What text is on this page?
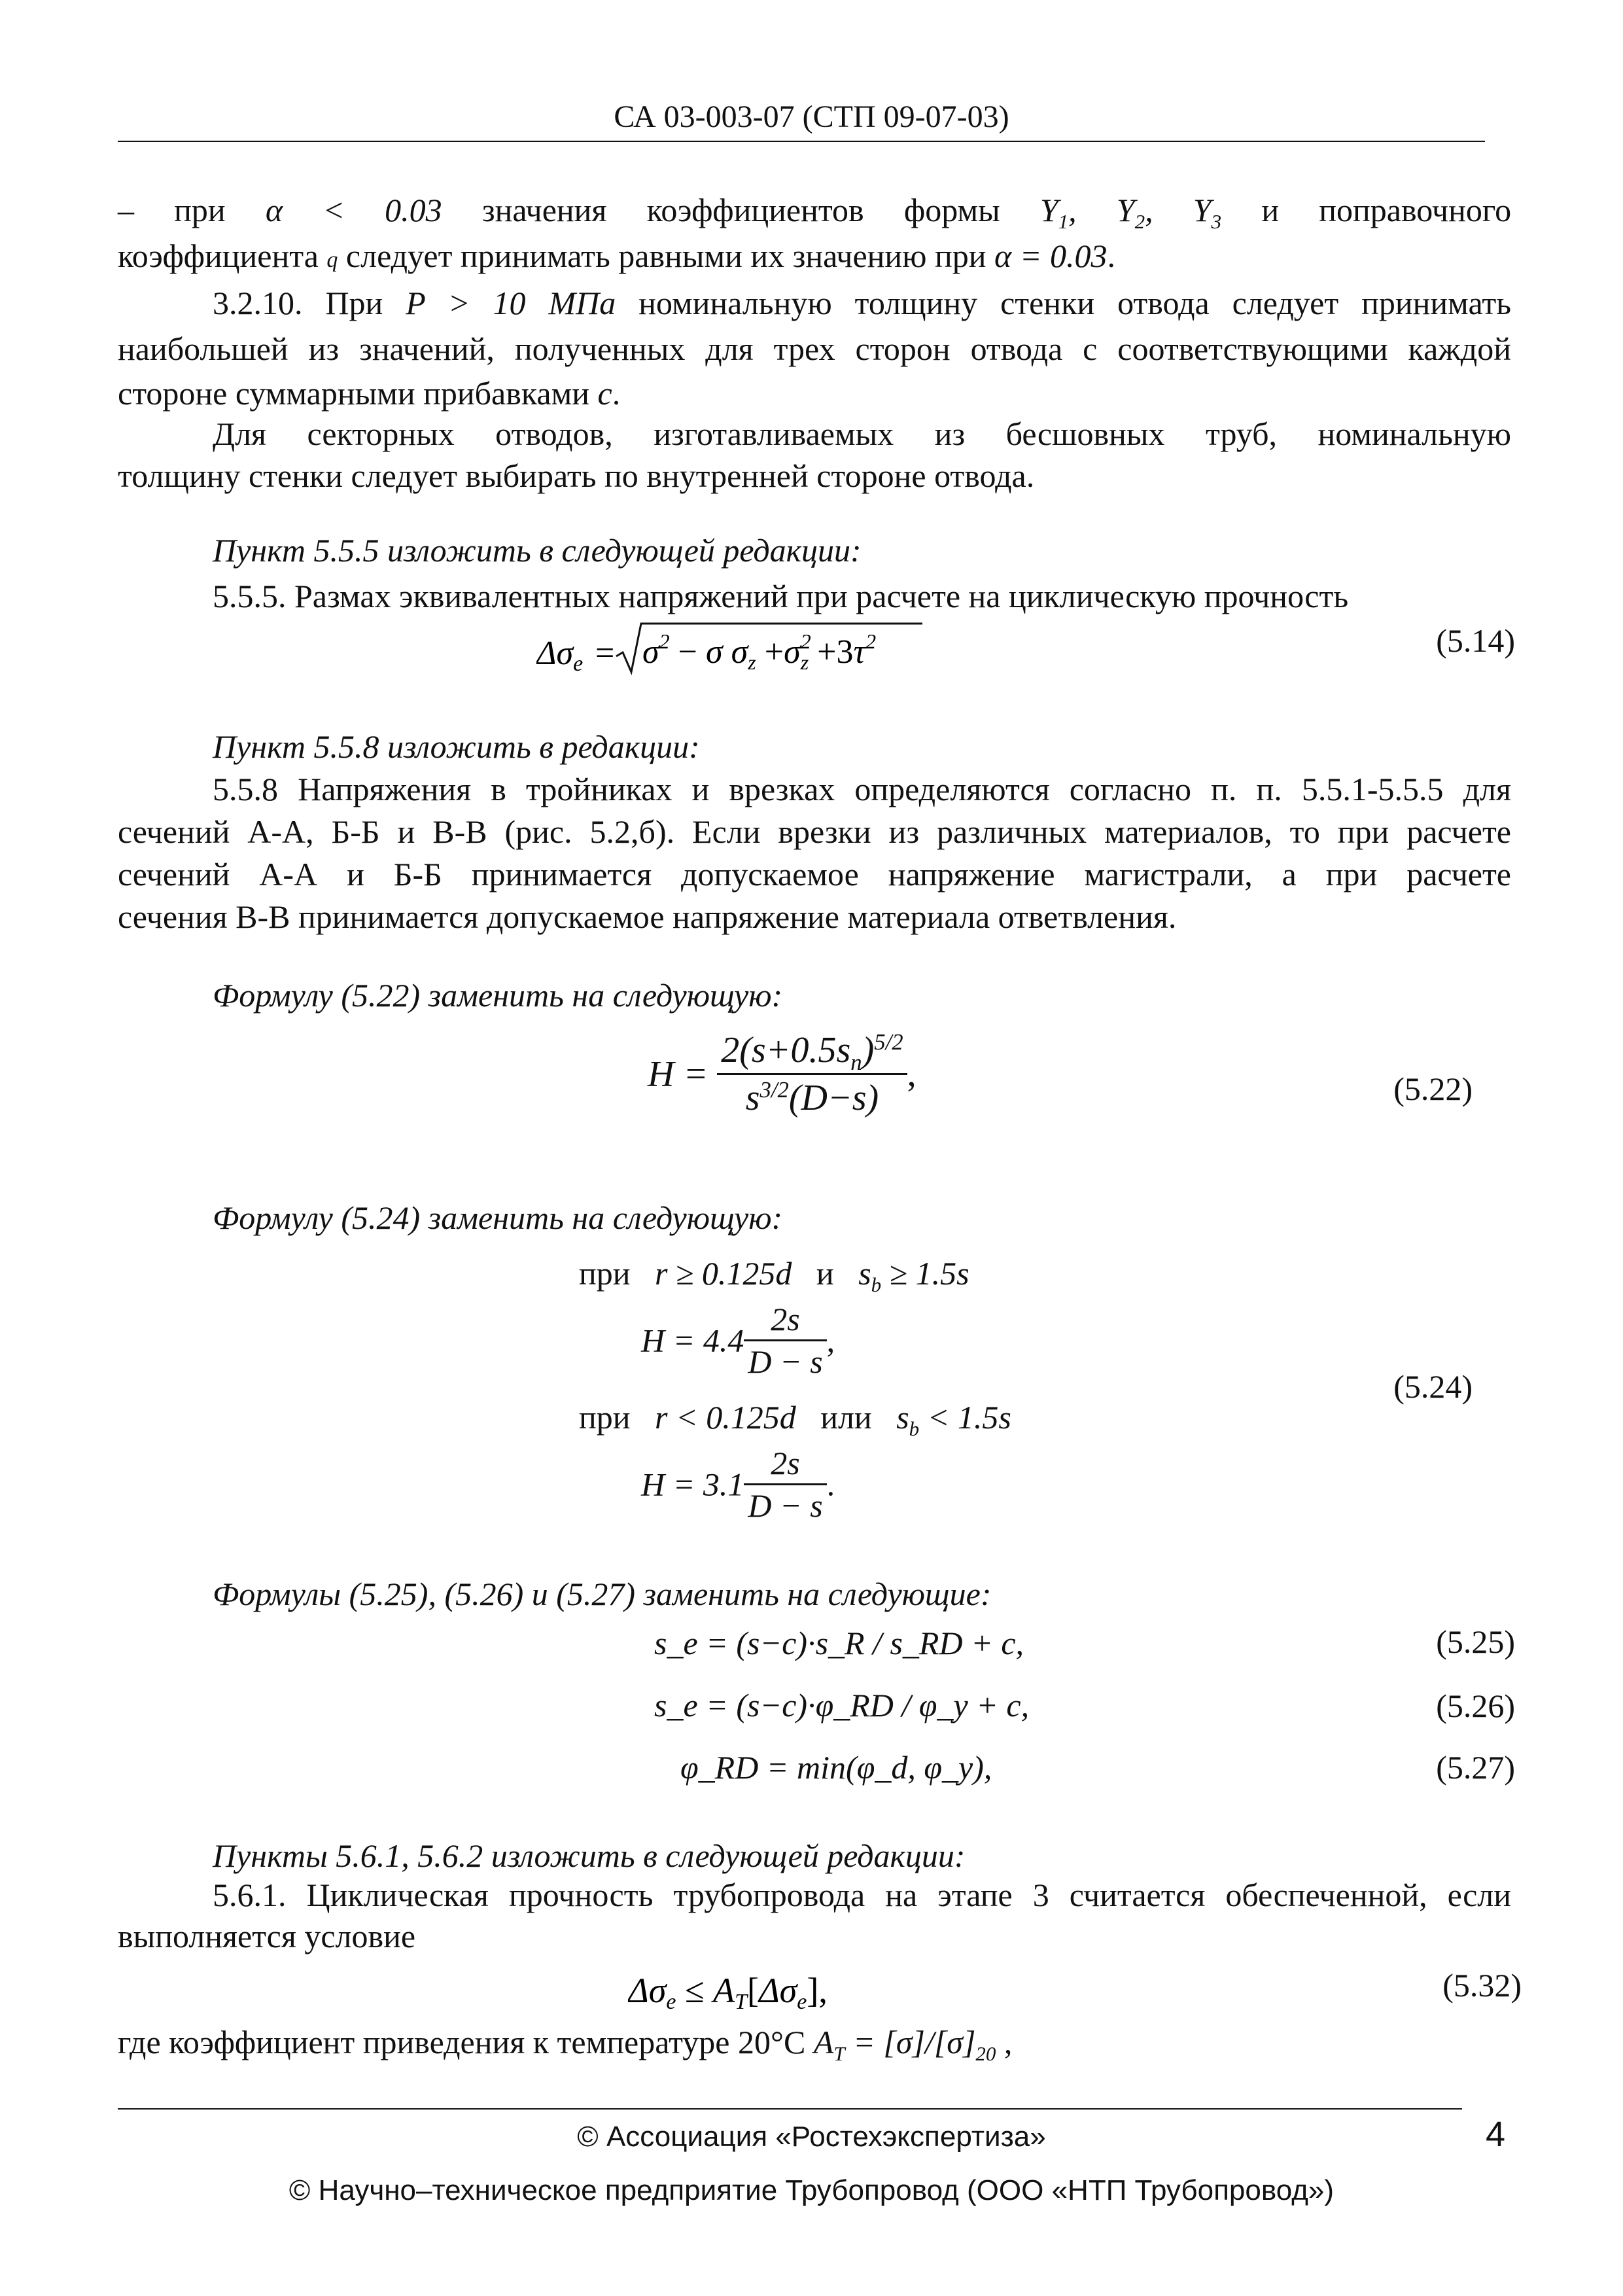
СА 03-003-07 (СТП 09-07-03)
– при α < 0.03 значения коэффициентов формы $Y_1$, $Y_2$, $Y_3$ и поправочного
коэффициента q следует принимать равными их значению при α = 0.03.
3.2.10. При P > 10 МПа номинальную толщину стенки отвода следует принимать
наибольшей из значений, полученных для трех сторон отвода с соответствующими каждой
стороне суммарными прибавками c.
Для секторных отводов, изготавливаемых из бесшовных труб, номинальную
толщину стенки следует выбирать по внутренней стороне отвода.
Пункт 5.5.5 изложить в следующей редакции:
5.5.5. Размах эквивалентных напряжений при расчете на циклическую прочность
$\Delta\sigma e = \sigma^2 - \sigma$ $\sigma z +\sigma^2$ $z +3\tau^2$	(5.14)
Пункт 5.5.8 изложить в редакции:
5.5.8 Напряжения в тройниках и врезках определяются согласно п. п. 5.5.1-5.5.5 для
сечений А-А, Б-Б и В-В (рис. 5.2,б). Если врезки из различных материалов, то при расчете
сечений А-А и Б-Б принимается допускаемое напряжение магистрали, а при расчете
сечения В-В принимается допускаемое напряжение материала ответвления.
Формулу (5.22) заменить на следующую:
$H = \frac{2(s+0.5s_n)^{5/2}}{s^{3/2}(D-s)}$ ,	(5.22)
Формулу (5.24) заменить на следующую:
при r ≥ 0.125d и $s_b \ge 1.5s$
$H = 4.4 \frac{2s}{D - s}$ ,
при r < 0.125d или $s_b < 1.5s$
$H = 3.1 \frac{2s}{D - s}$ .
(5.24)
Формулы (5.25), (5.26) и (5.27) заменить на следующие:
s_e = (s−c)·s_R / s_RD + c,	(5.25)
s_e = (s−c)·φ_RD / φ_y + c,	(5.26)
φ_RD = min(φ_d, φ_y),	(5.27)
Пункты 5.6.1, 5.6.2 изложить в следующей редакции:
5.6.1. Циклическая прочность трубопровода на этапе 3 считается обеспеченной, если
выполняется условие
Δσe ≤ AT[Δσe],	(5.32)
где коэффициент приведения к температуре 20°С $A_T = [\sigma]/[\sigma]_{20}$ ,
© Ассоциация «Ростехэкспертиза»	4
© Научно–техническое предприятие Трубопровод (ООО «НТП Трубопровод»)
